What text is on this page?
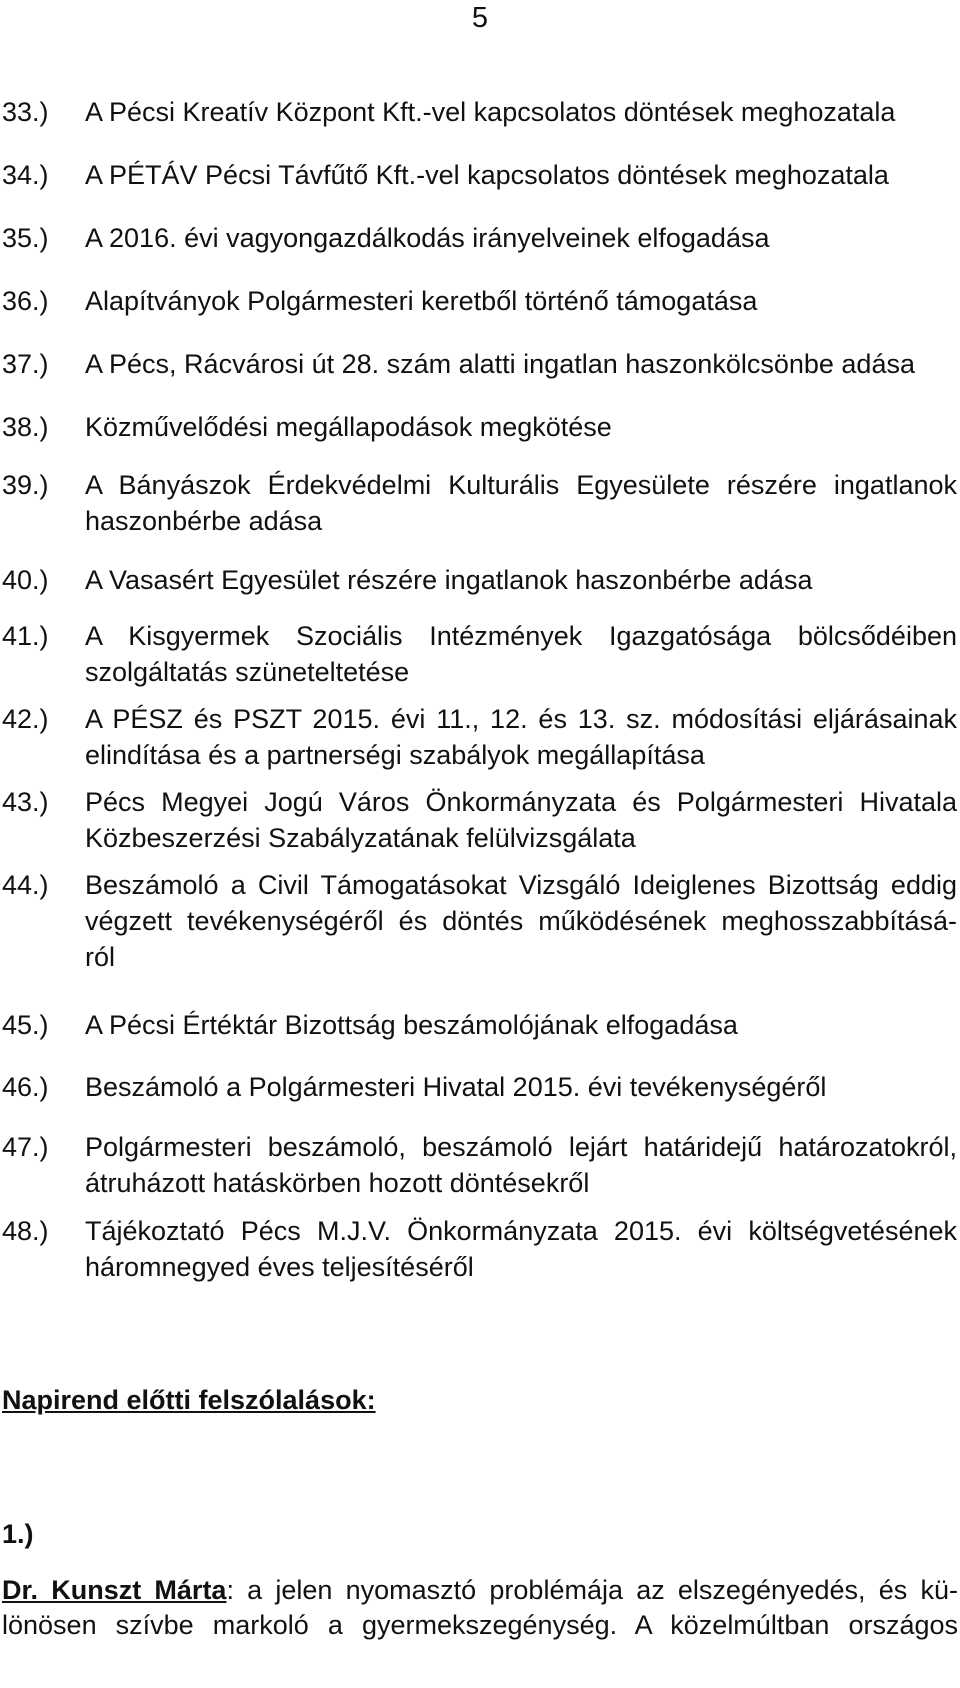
5
33.) A Pécsi Kreatív Központ Kft.-vel kapcsolatos döntések meghozatala
34.) A PÉTÁV Pécsi Távfűtő Kft.-vel kapcsolatos döntések meghozatala
35.) A 2016. évi vagyongazdálkodás irányelveinek elfogadása
36.) Alapítványok Polgármesteri keretből történő támogatása
37.) A Pécs, Rácvárosi út 28. szám alatti ingatlan haszonkölcsönbe adása
38.) Közművelődési megállapodások megkötése
39.) A Bányászok Érdekvédelmi Kulturális Egyesülete részére ingatlanok
haszonbérbe adása
40.) A Vasasért Egyesület részére ingatlanok haszonbérbe adása
41.) A Kisgyermek Szociális Intézmények Igazgatósága bölcsődéiben
szolgáltatás szüneteltetése
42.) A PÉSZ és PSZT 2015. évi 11., 12. és 13. sz. módosítási eljárásainak
elindítása és a partnerségi szabályok megállapítása
43.) Pécs Megyei Jogú Város Önkormányzata és Polgármesteri Hivatala
Közbeszerzési Szabályzatának felülvizsgálata
44.) Beszámoló a Civil Támogatásokat Vizsgáló Ideiglenes Bizottság eddig
végzett tevékenységéről és döntés működésének meghosszabbításá-
ról
45.) A Pécsi Értéktár Bizottság beszámolójának elfogadása
46.) Beszámoló a Polgármesteri Hivatal 2015. évi tevékenységéről
47.) Polgármesteri beszámoló, beszámoló lejárt határidejű határozatokról,
átruházott hatáskörben hozott döntésekről
48.) Tájékoztató Pécs M.J.V. Önkormányzata 2015. évi költségvetésének
háromnegyed éves teljesítéséről
Napirend előtti felszólalások:
1.)
Dr. Kunszt Márta: a jelen nyomasztó problémája az elszegényedés, és kü-
lönösen szívbe markoló a gyermekszegénység. A közelmúltban országos
